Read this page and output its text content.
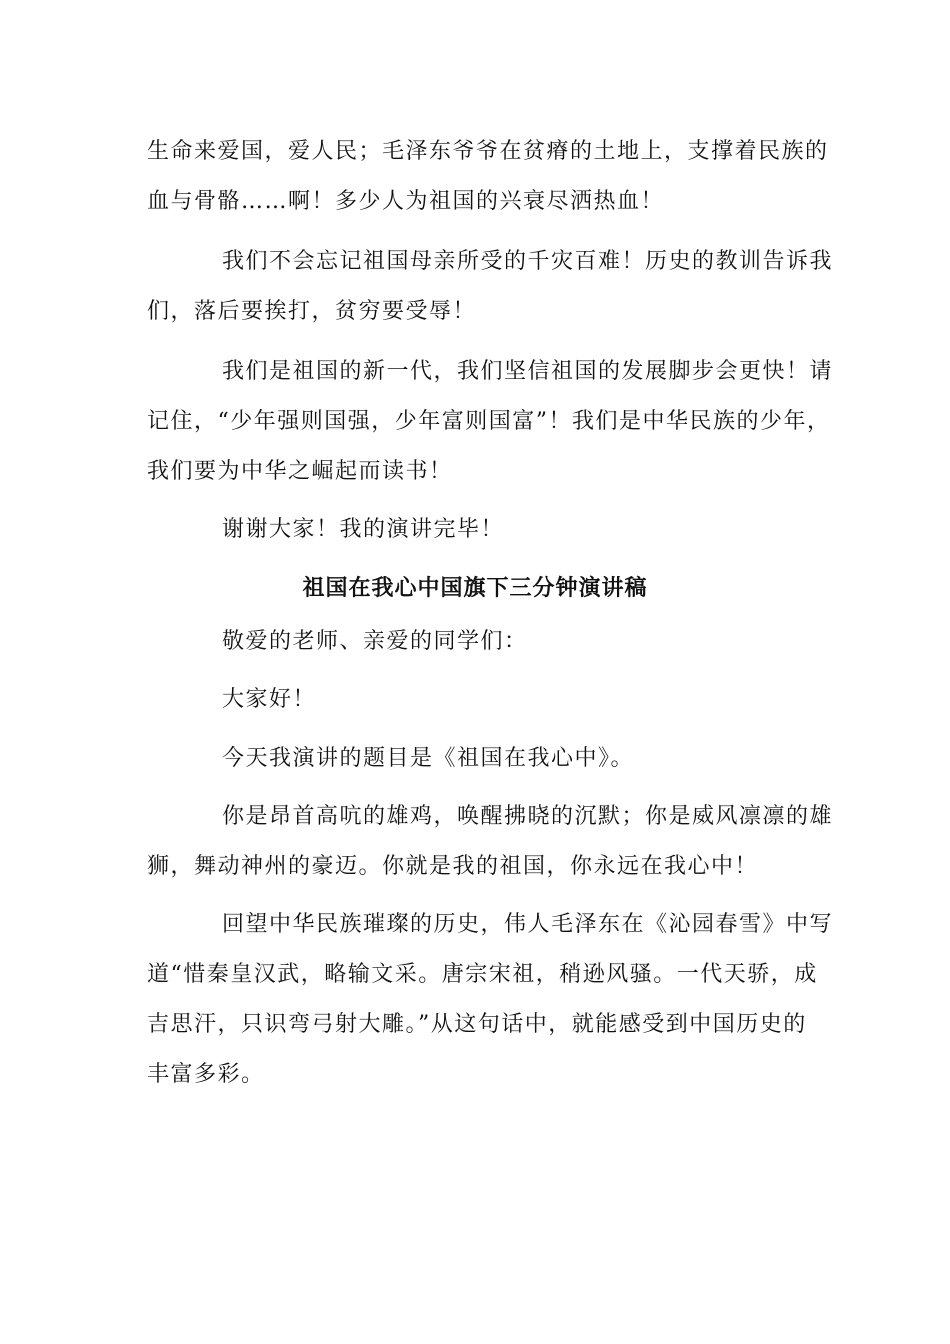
生命来爱国，爱人民；毛泽东爷爷在贫瘠的土地上，支撑着民族的
血与骨骼……啊！多少人为祖国的兴衰尽洒热血！
我们不会忘记祖国母亲所受的千灾百难！历史的教训告诉我
们，落后要挨打，贫穷要受辱！
我们是祖国的新一代，我们坚信祖国的发展脚步会更快！请
记住，“少年强则国强，少年富则国富”！我们是中华民族的少年，
我们要为中华之崛起而读书！
谢谢大家！我的演讲完毕！
祖国在我心中国旗下三分钟演讲稿
敬爱的老师、亲爱的同学们：
大家好！
今天我演讲的题目是《祖国在我心中》。
你是昂首高吭的雄鸡，唤醒拂晓的沉默；你是威风凛凛的雄
狮，舞动神州的豪迈。你就是我的祖国，你永远在我心中！
回望中华民族璀璨的历史，伟人毛泽东在《沁园春雪》中写
道“惜秦皇汉武，略输文采。唐宗宋祖，稍逊风骚。一代天骄，成
吉思汗，只识弯弓射大雕。”从这句话中，就能感受到中国历史的
丰富多彩。
